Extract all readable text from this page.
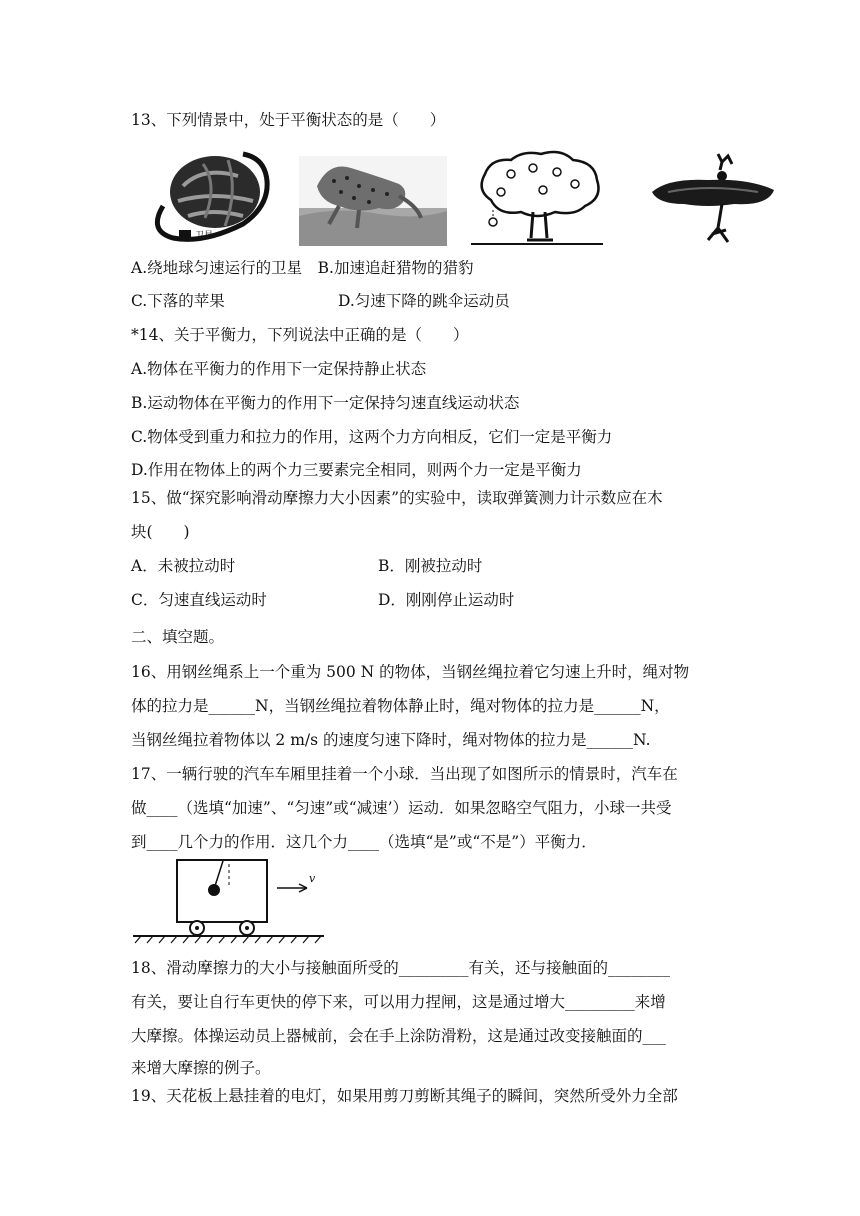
13、下列情景中，处于平衡状态的是（　　）
卫星
A.绕地球匀速运行的卫星　B.加速追赶猎物的猎豹
C.下落的苹果	D.匀速下降的跳伞运动员
*14、关于平衡力，下列说法中正确的是（　　）
A.物体在平衡力的作用下一定保持静止状态
B.运动物体在平衡力的作用下一定保持匀速直线运动状态
C.物体受到重力和拉力的作用，这两个力方向相反，它们一定是平衡力
D.作用在物体上的两个力三要素完全相同，则两个力一定是平衡力
15、做“探究影响滑动摩擦力大小因素”的实验中，读取弹簧测力计示数应在木
块(　　)
A．未被拉动时	B．刚被拉动时
C．匀速直线运动时	D．刚刚停止运动时
二、填空题。
16、用钢丝绳系上一个重为 500 N 的物体，当钢丝绳拉着它匀速上升时，绳对物
体的拉力是______N，当钢丝绳拉着物体静止时，绳对物体的拉力是______N，
当钢丝绳拉着物体以 2 m/s 的速度匀速下降时，绳对物体的拉力是______N.
17、一辆行驶的汽车车厢里挂着一个小球．当出现了如图所示的情景时，汽车在
做____（选填“加速”、“匀速”或“减速’）运动．如果忽略空气阻力，小球一共受
到____几个力的作用．这几个力____（选填“是”或“不是”）平衡力．
v
18、滑动摩擦力的大小与接触面所受的_________有关，还与接触面的________
有关，要让自行车更快的停下来，可以用力捏闸，这是通过增大_________来增
大摩擦。体操运动员上器械前，会在手上涂防滑粉，这是通过改变接触面的___
来增大摩擦的例子。
19、天花板上悬挂着的电灯，如果用剪刀剪断其绳子的瞬间，突然所受外力全部
